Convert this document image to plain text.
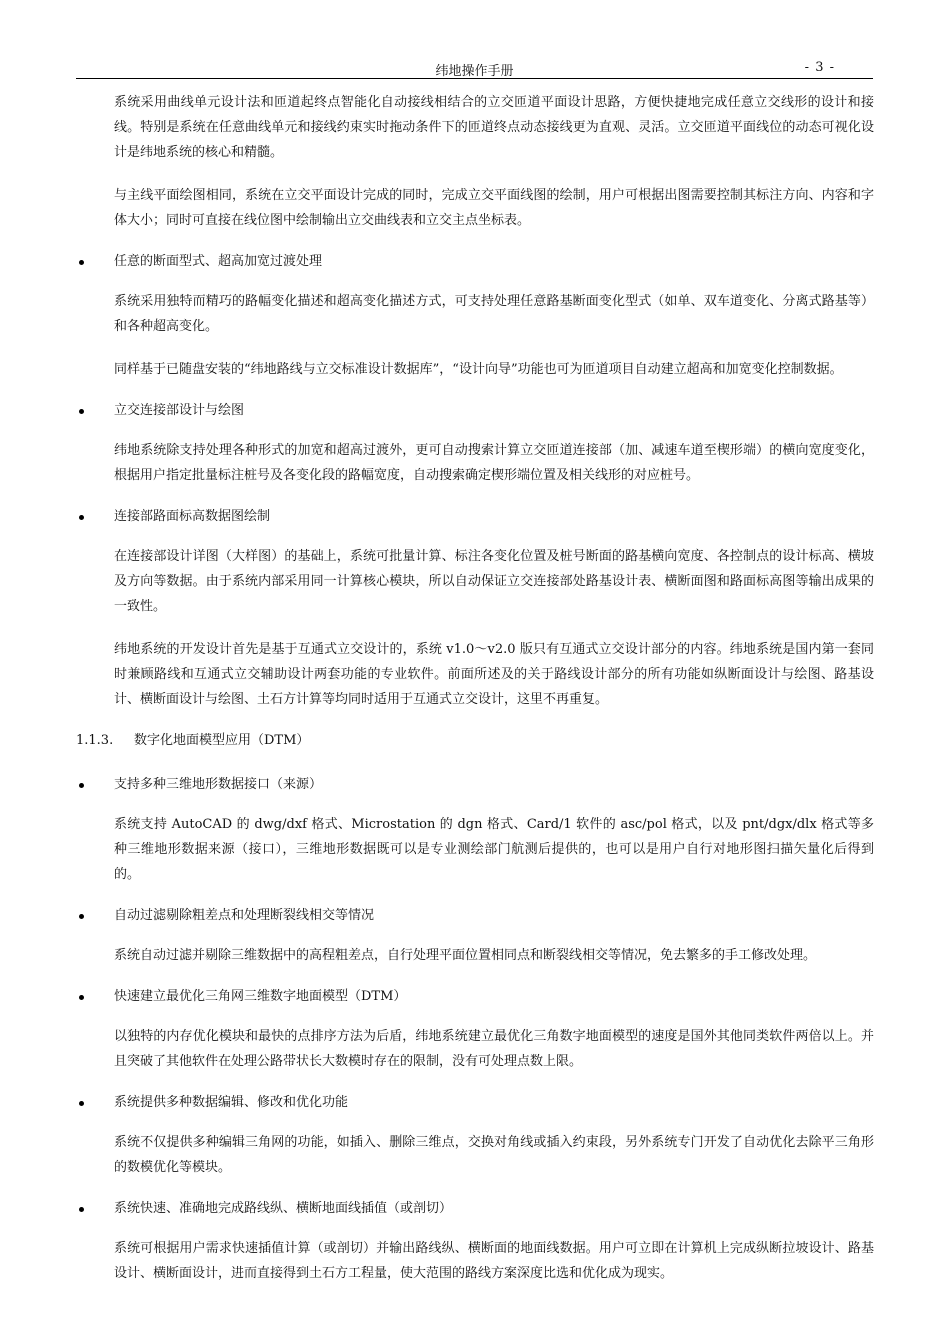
纬地操作手册	- 3 -

系统采用曲线单元设计法和匝道起终点智能化自动接线相结合的立交匝道平面设计思路，方便快捷地完成任意立交线形的设计和接线。特别是系统在任意曲线单元和接线约束实时拖动条件下的匝道终点动态接线更为直观、灵活。立交匝道平面线位的动态可视化设计是纬地系统的核心和精髓。

与主线平面绘图相同，系统在立交平面设计完成的同时，完成立交平面线图的绘制，用户可根据出图需要控制其标注方向、内容和字体大小；同时可直接在线位图中绘制输出立交曲线表和立交主点坐标表。

任意的断面型式、超高加宽过渡处理

系统采用独特而精巧的路幅变化描述和超高变化描述方式，可支持处理任意路基断面变化型式（如单、双车道变化、分离式路基等）和各种超高变化。

同样基于已随盘安装的“纬地路线与立交标准设计数据库”，“设计向导”功能也可为匝道项目自动建立超高和加宽变化控制数据。

立交连接部设计与绘图

纬地系统除支持处理各种形式的加宽和超高过渡外，更可自动搜索计算立交匝道连接部（加、减速车道至楔形端）的横向宽度变化，根据用户指定批量标注桩号及各变化段的路幅宽度，自动搜索确定楔形端位置及相关线形的对应桩号。

连接部路面标高数据图绘制

在连接部设计详图（大样图）的基础上，系统可批量计算、标注各变化位置及桩号断面的路基横向宽度、各控制点的设计标高、横坡及方向等数据。由于系统内部采用同一计算核心模块，所以自动保证立交连接部处路基设计表、横断面图和路面标高图等输出成果的一致性。

纬地系统的开发设计首先是基于互通式立交设计的，系统 v1.0～v2.0 版只有互通式立交设计部分的内容。纬地系统是国内第一套同时兼顾路线和互通式立交辅助设计两套功能的专业软件。前面所述及的关于路线设计部分的所有功能如纵断面设计与绘图、路基设计、横断面设计与绘图、土石方计算等均同时适用于互通式立交设计，这里不再重复。

1.1.3. 数字化地面模型应用（DTM）
支持多种三维地形数据接口（来源）

系统支持 AutoCAD 的 dwg/dxf 格式、Microstation 的 dgn 格式、Card/1 软件的 asc/pol 格式，以及 pnt/dgx/dlx 格式等多种三维地形数据来源（接口），三维地形数据既可以是专业测绘部门航测后提供的，也可以是用户自行对地形图扫描矢量化后得到的。

自动过滤剔除粗差点和处理断裂线相交等情况

系统自动过滤并剔除三维数据中的高程粗差点，自行处理平面位置相同点和断裂线相交等情况，免去繁多的手工修改处理。

快速建立最优化三角网三维数字地面模型（DTM）

以独特的内存优化模块和最快的点排序方法为后盾，纬地系统建立最优化三角数字地面模型的速度是国外其他同类软件两倍以上。并且突破了其他软件在处理公路带状长大数模时存在的限制，没有可处理点数上限。

系统提供多种数据编辑、修改和优化功能

系统不仅提供多种编辑三角网的功能，如插入、删除三维点，交换对角线或插入约束段，另外系统专门开发了自动优化去除平三角形的数模优化等模块。

系统快速、准确地完成路线纵、横断地面线插值（或剖切）

系统可根据用户需求快速插值计算（或剖切）并输出路线纵、横断面的地面线数据。用户可立即在计算机上完成纵断拉坡设计、路基设计、横断面设计，进而直接得到土石方工程量，使大范围的路线方案深度比选和优化成为现实。
